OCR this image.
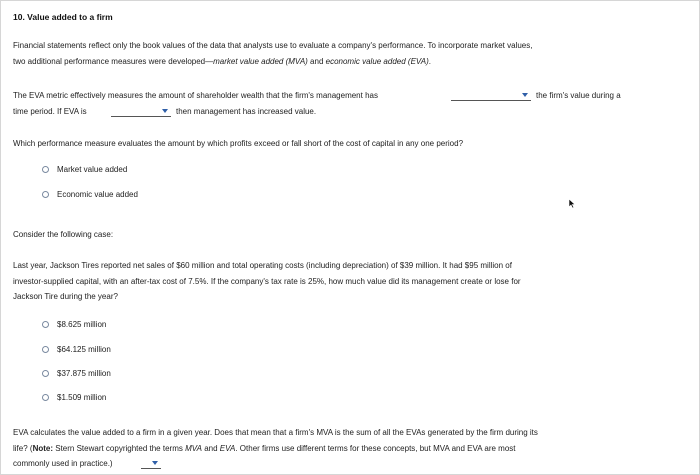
10. Value added to a firm
Financial statements reflect only the book values of the data that analysts use to evaluate a company's performance. To incorporate market values,
two additional performance measures were developed—market value added (MVA) and economic value added (EVA).
The EVA metric effectively measures the amount of shareholder wealth that the firm's management has	the firm's value during a
time period. If EVA is	then management has increased value.
Which performance measure evaluates the amount by which profits exceed or fall short of the cost of capital in any one period?
Market value added
Economic value added
Consider the following case:
Last year, Jackson Tires reported net sales of $60 million and total operating costs (including depreciation) of $39 million. It had $95 million of
investor-supplied capital, with an after-tax cost of 7.5%. If the company's tax rate is 25%, how much value did its management create or lose for
Jackson Tire during the year?
$8.625 million
$64.125 million
$37.875 million
$1.509 million
EVA calculates the value added to a firm in a given year. Does that mean that a firm's MVA is the sum of all the EVAs generated by the firm during its
life? (Note: Stern Stewart copyrighted the terms MVA and EVA. Other firms use different terms for these concepts, but MVA and EVA are most
commonly used in practice.)
